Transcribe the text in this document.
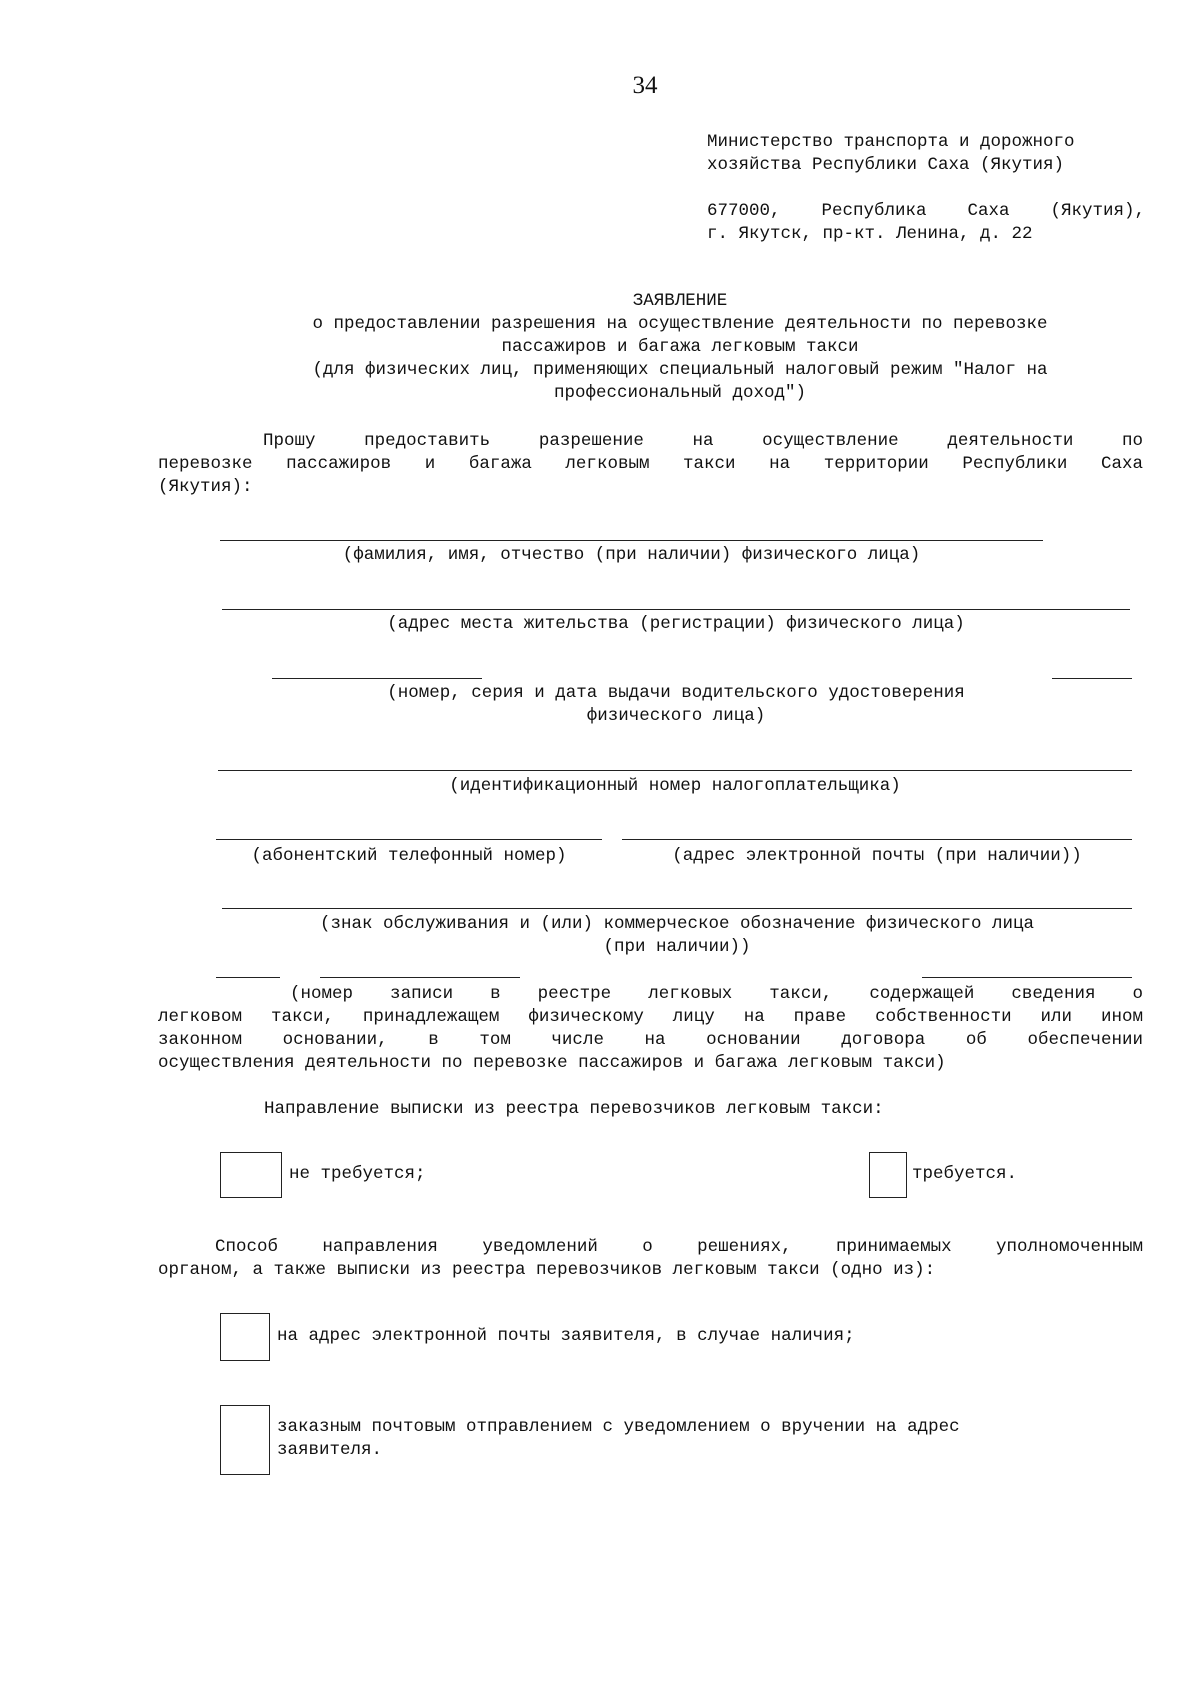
34

Министерство транспорта и дорожного

хозяйства Республики Саха (Якутия)

677000, Республика Саха (Якутия),

г. Якутск, пр-кт. Ленина, д. 22

ЗАЯВЛЕНИЕ
о предоставлении разрешения на осуществление деятельности по перевозке
пассажиров и багажа легковым такси
(для физических лиц, применяющих специальный налоговый режим "Налог на
профессиональный доход")
Прошу предоставить разрешение на осуществление деятельности по
перевозке пассажиров и багажа легковым такси на территории Республики Саха
(Якутия):
(фамилия, имя, отчество (при наличии) физического лица)
(адрес места жительства (регистрации) физического лица)
(номер, серия и дата выдачи водительского удостоверения
физического лица)
(идентификационный номер налогоплательщика)
(абонентский телефонный номер)	(адрес электронной почты (при наличии))
(знак обслуживания и (или) коммерческое обозначение физического лица
(при наличии))
(номер записи в реестре легковых такси, содержащей сведения о
легковом такси, принадлежащем физическому лицу на праве собственности или ином
законном основании, в том числе на основании договора об обеспечении
осуществления деятельности по перевозке пассажиров и багажа легковым такси)
Направление выписки из реестра перевозчиков легковым такси:
не требуется;	требуется.
Способ направления уведомлений о решениях, принимаемых уполномоченным
органом, а также выписки из реестра перевозчиков легковым такси (одно из):
на адрес электронной почты заявителя, в случае наличия;
заказным почтовым отправлением с уведомлением о вручении на адрес
заявителя.
